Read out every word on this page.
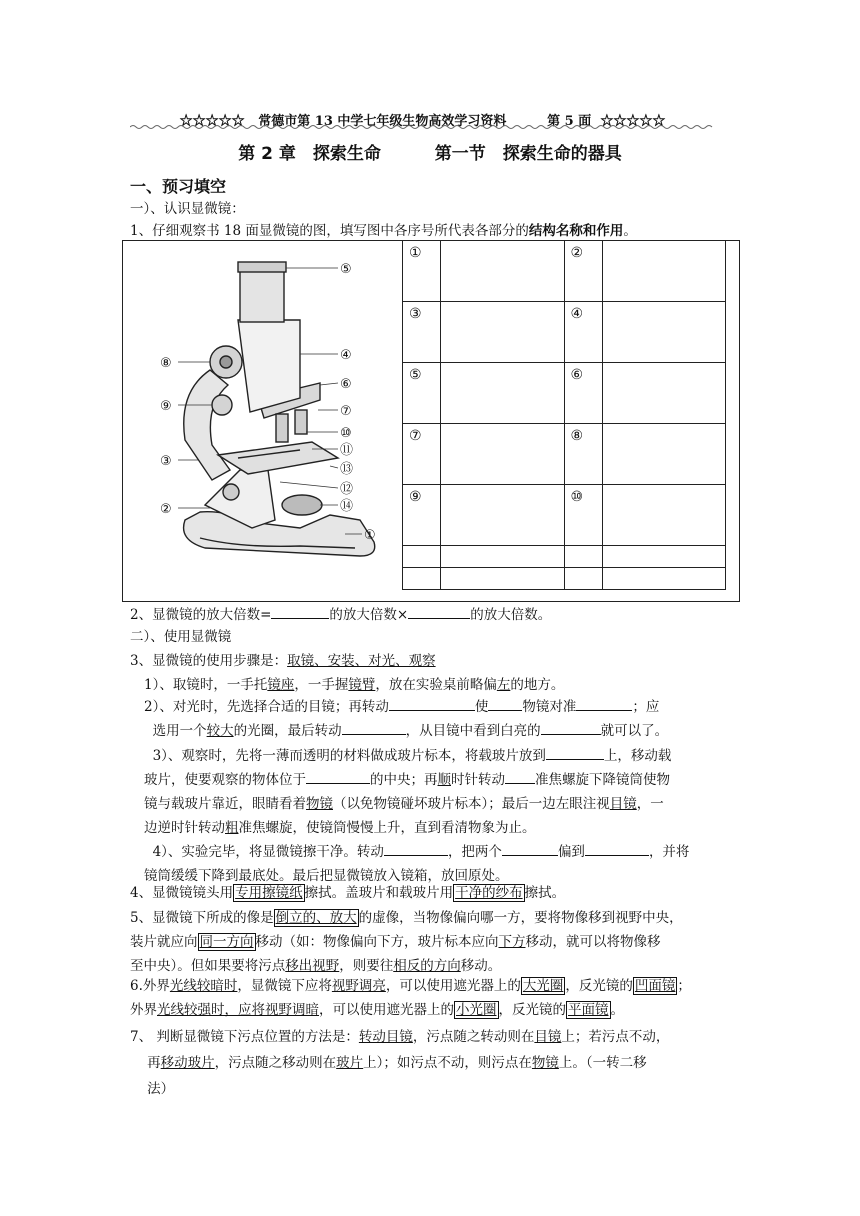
☆☆☆☆☆ 常德市第 13 中学七年级生物高效学习资料	第 5 面 ☆☆☆☆☆
第 2 章　探索生命	第一节　探索生命的器具
一、预习填空
一）、认识显微镜：
1、仔细观察书 18 面显微镜的图，填写图中各序号所代表各部分的结构名称和作用。
⑤
④
⑥
⑦
⑩
⑪
⑬
⑫
⑭
①
⑧
⑨
③
②
①		②	
③		④	
⑤		⑥	
⑦		⑧	
⑨		⑩	

2、显微镜的放大倍数=	的放大倍数×	的放大倍数。
二）、使用显微镜
3、显微镜的使用步骤是：取镜、安装、对光、观察
1）、取镜时，一手托镜座，一手握镜臂，放在实验桌前略偏左的地方。
2）、对光时，先选择合适的目镜；再转动	使	物镜对准	；应
选用一个较大的光圈，最后转动	，从目镜中看到白亮的	就可以了。
3）、观察时，先将一薄而透明的材料做成玻片标本，将载玻片放到	上，移动载
玻片，使要观察的物体位于	的中央；再顺时针转动 准焦螺旋下降镜筒使物
镜与载玻片靠近，眼睛看着物镜（以免物镜碰坏玻片标本）；最后一边左眼注视目镜，一
边逆时针转动粗准焦螺旋，使镜筒慢慢上升，直到看清物象为止。
4）、实验完毕，将显微镜擦干净。转动	，把两个	偏到	，并将
镜筒缓缓下降到最底处。最后把显微镜放入镜箱，放回原处。
4、显微镜镜头用 专用擦镜纸 擦拭。盖玻片和载玻片用 干净的纱布 擦拭。
5、显微镜下所成的像是 倒立的、放大 的虚像，当物像偏向哪一方，要将物像移到视野中央，
装片就应向 同一方向 移动（如：物像偏向下方，玻片标本应向下方移动，就可以将物像移
至中央）。但如果要将污点移出视野，则要往相反的方向移动。
6.外界光线较暗时，显微镜下应将视野调亮，可以使用遮光器上的 大光圈 ，反光镜的 凹面镜 ；
外界光线较强时，应将视野调暗，可以使用遮光器上的 小光圈 ，反光镜的 平面镜 。
7、 判断显微镜下污点位置的方法是：转动目镜，污点随之转动则在目镜上；若污点不动，
再移动玻片，污点随之移动则在玻片上）；如污点不动，则污点在物镜上。（一转二移
法）
